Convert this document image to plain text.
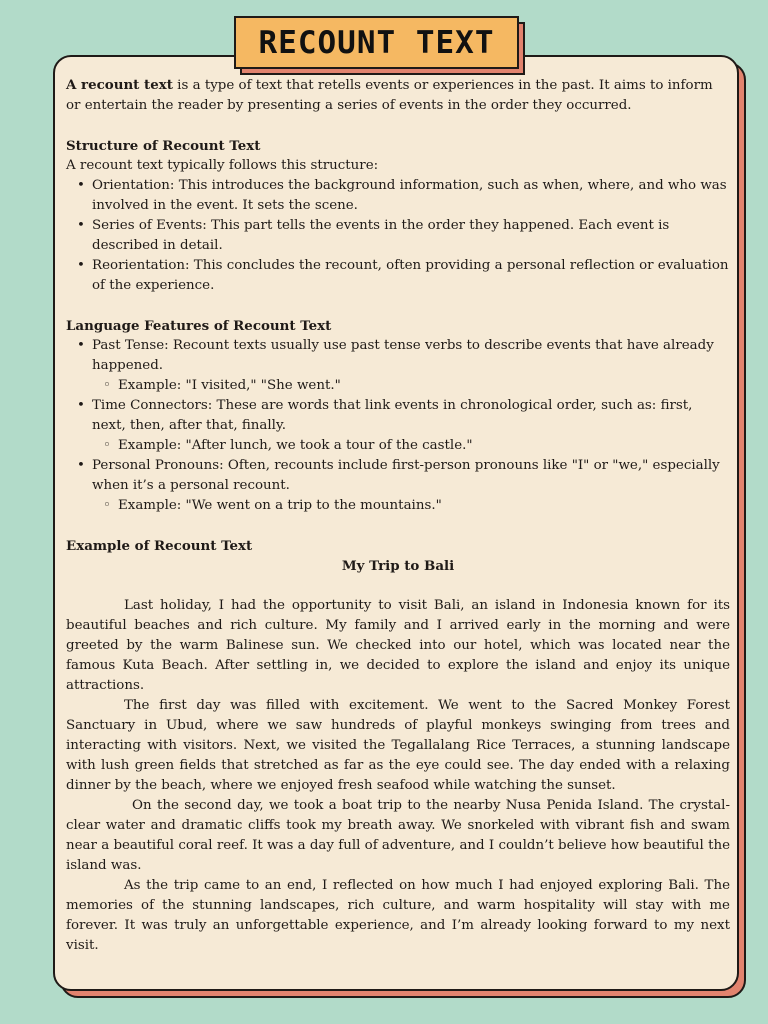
RECOUNT TEXT

A recount text is a type of text that retells events or experiences in the past. It aims to inform or entertain the reader by presenting a series of events in the order they occurred.

Structure of Recount Text

A recount text typically follows this structure:

• Orientation: This introduces the background information, such as when, where, and who was involved in the event. It sets the scene.
• Series of Events: This part tells the events in the order they happened. Each event is described in detail.
• Reorientation: This concludes the recount, often providing a personal reflection or evaluation of the experience.

Language Features of Recount Text

• Past Tense: Recount texts usually use past tense verbs to describe events that have already happened.
◦ Example: "I visited," "She went."
• Time Connectors: These are words that link events in chronological order, such as: first, next, then, after that, finally.
◦ Example: "After lunch, we took a tour of the castle."
• Personal Pronouns: Often, recounts include first-person pronouns like "I" or "we," especially when it’s a personal recount.
◦ Example: "We went on a trip to the mountains."

Example of Recount Text

My Trip to Bali

Last holiday, I had the opportunity to visit Bali, an island in Indonesia known for its beautiful beaches and rich culture. My family and I arrived early in the morning and were greeted by the warm Balinese sun. We checked into our hotel, which was located near the famous Kuta Beach. After settling in, we decided to explore the island and enjoy its unique attractions.

The first day was filled with excitement. We went to the Sacred Monkey Forest Sanctuary in Ubud, where we saw hundreds of playful monkeys swinging from trees and interacting with visitors. Next, we visited the Tegallalang Rice Terraces, a stunning landscape with lush green fields that stretched as far as the eye could see. The day ended with a relaxing dinner by the beach, where we enjoyed fresh seafood while watching the sunset.

On the second day, we took a boat trip to the nearby Nusa Penida Island. The crystal-clear water and dramatic cliffs took my breath away. We snorkeled with vibrant fish and swam near a beautiful coral reef. It was a day full of adventure, and I couldn’t believe how beautiful the island was.

As the trip came to an end, I reflected on how much I had enjoyed exploring Bali. The memories of the stunning landscapes, rich culture, and warm hospitality will stay with me forever. It was truly an unforgettable experience, and I’m already looking forward to my next visit.
